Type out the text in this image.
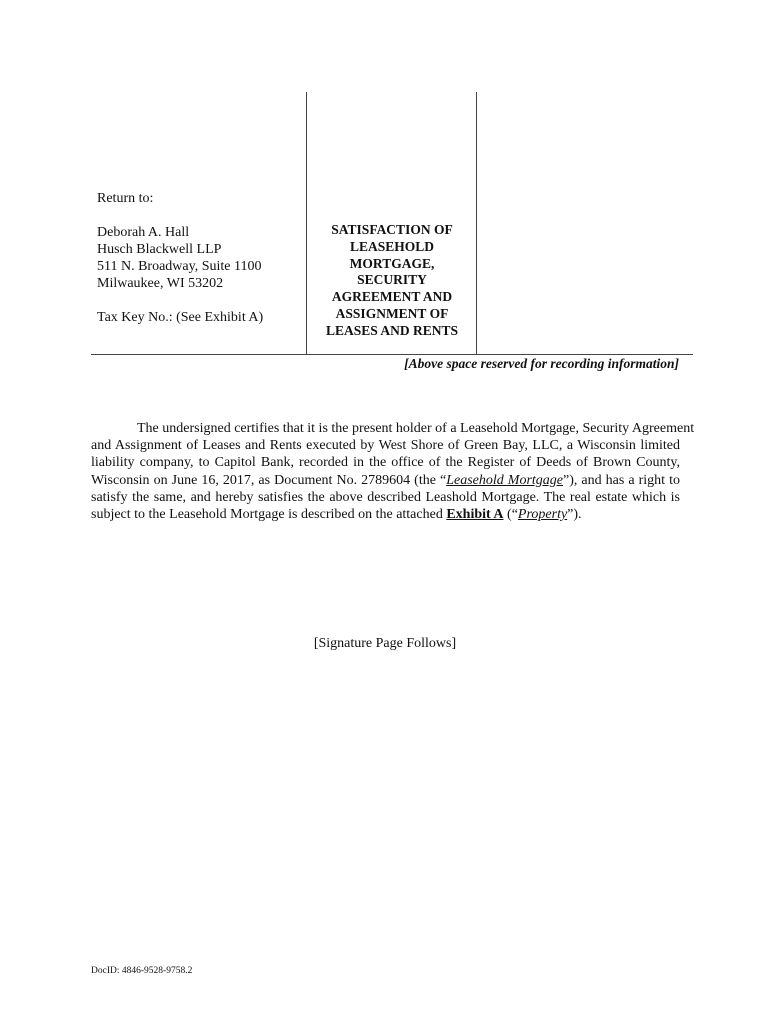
Return to:
Deborah A. Hall
Husch Blackwell LLP
511 N. Broadway, Suite 1100
Milwaukee, WI 53202
Tax Key No.: (See Exhibit A)
SATISFACTION OF
LEASEHOLD
MORTGAGE,
SECURITY
AGREEMENT AND
ASSIGNMENT OF
LEASES AND RENTS
[Above space reserved for recording information]
The undersigned certifies that it is the present holder of a Leasehold Mortgage, Security Agreement
and Assignment of Leases and Rents executed by West Shore of Green Bay, LLC, a Wisconsin limited
liability company, to Capitol Bank, recorded in the office of the Register of Deeds of Brown County,
Wisconsin on June 16, 2017, as Document No. 2789604 (the “Leasehold Mortgage”), and has a right to
satisfy the same, and hereby satisfies the above described Leashold Mortgage. The real estate which is
subject to the Leasehold Mortgage is described on the attached Exhibit A (“Property”).
[Signature Page Follows]
DocID: 4846-9528-9758.2
